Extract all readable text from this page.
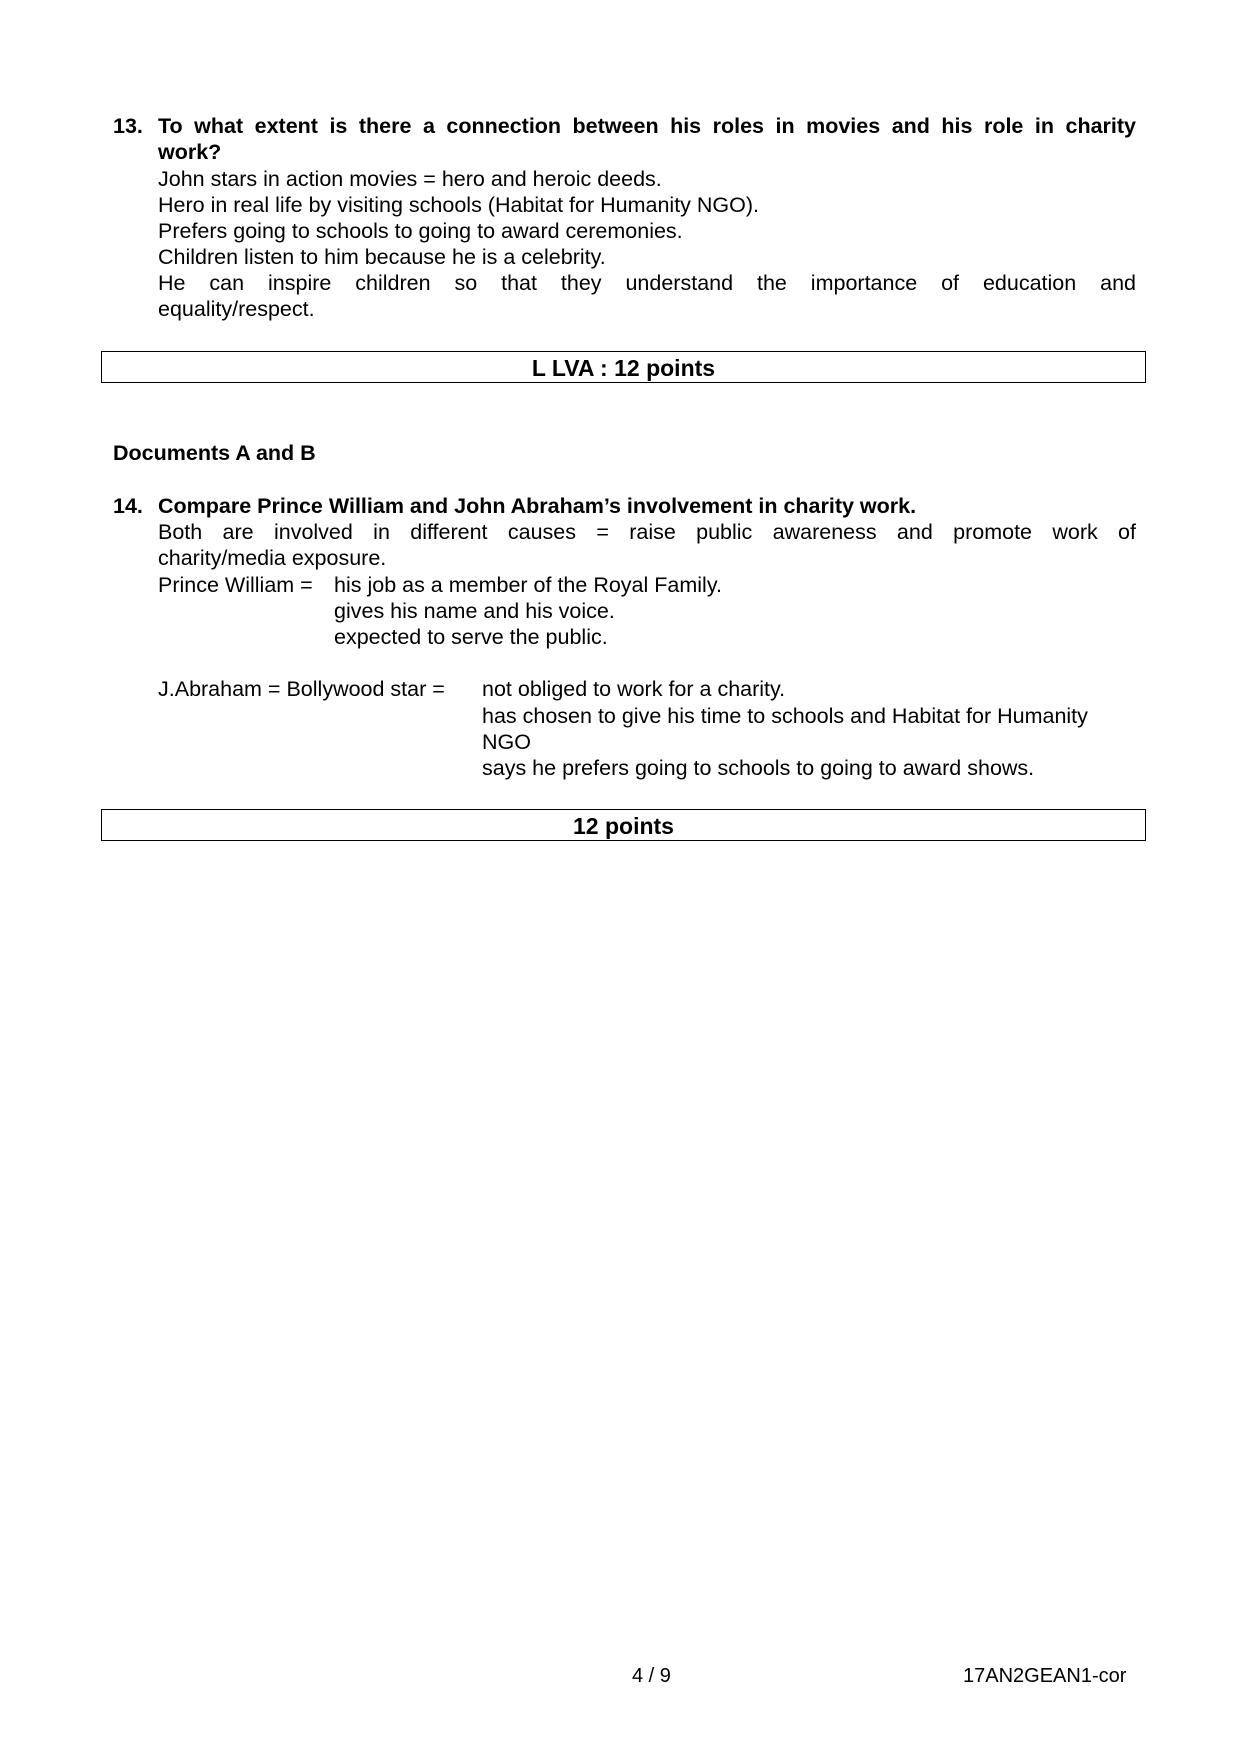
13. To what extent is there a connection between his roles in movies and his role in charity
work?
John stars in action movies = hero and heroic deeds.
Hero in real life by visiting schools (Habitat for Humanity NGO).
Prefers going to schools to going to award ceremonies.
Children listen to him because he is a celebrity.
He can inspire children so that they understand the importance of education and
equality/respect.
L LVA : 12 points
Documents A and B
14. Compare Prince William and John Abraham’s involvement in charity work.
Both are involved in different causes = raise public awareness and promote work of
charity/media exposure.
Prince William = his job as a member of the Royal Family.
gives his name and his voice.
expected to serve the public.
J.Abraham = Bollywood star = not obliged to work for a charity.
has chosen to give his time to schools and Habitat for Humanity
NGO
says he prefers going to schools to going to award shows.
12 points
4 / 9	17AN2GEAN1-cor
